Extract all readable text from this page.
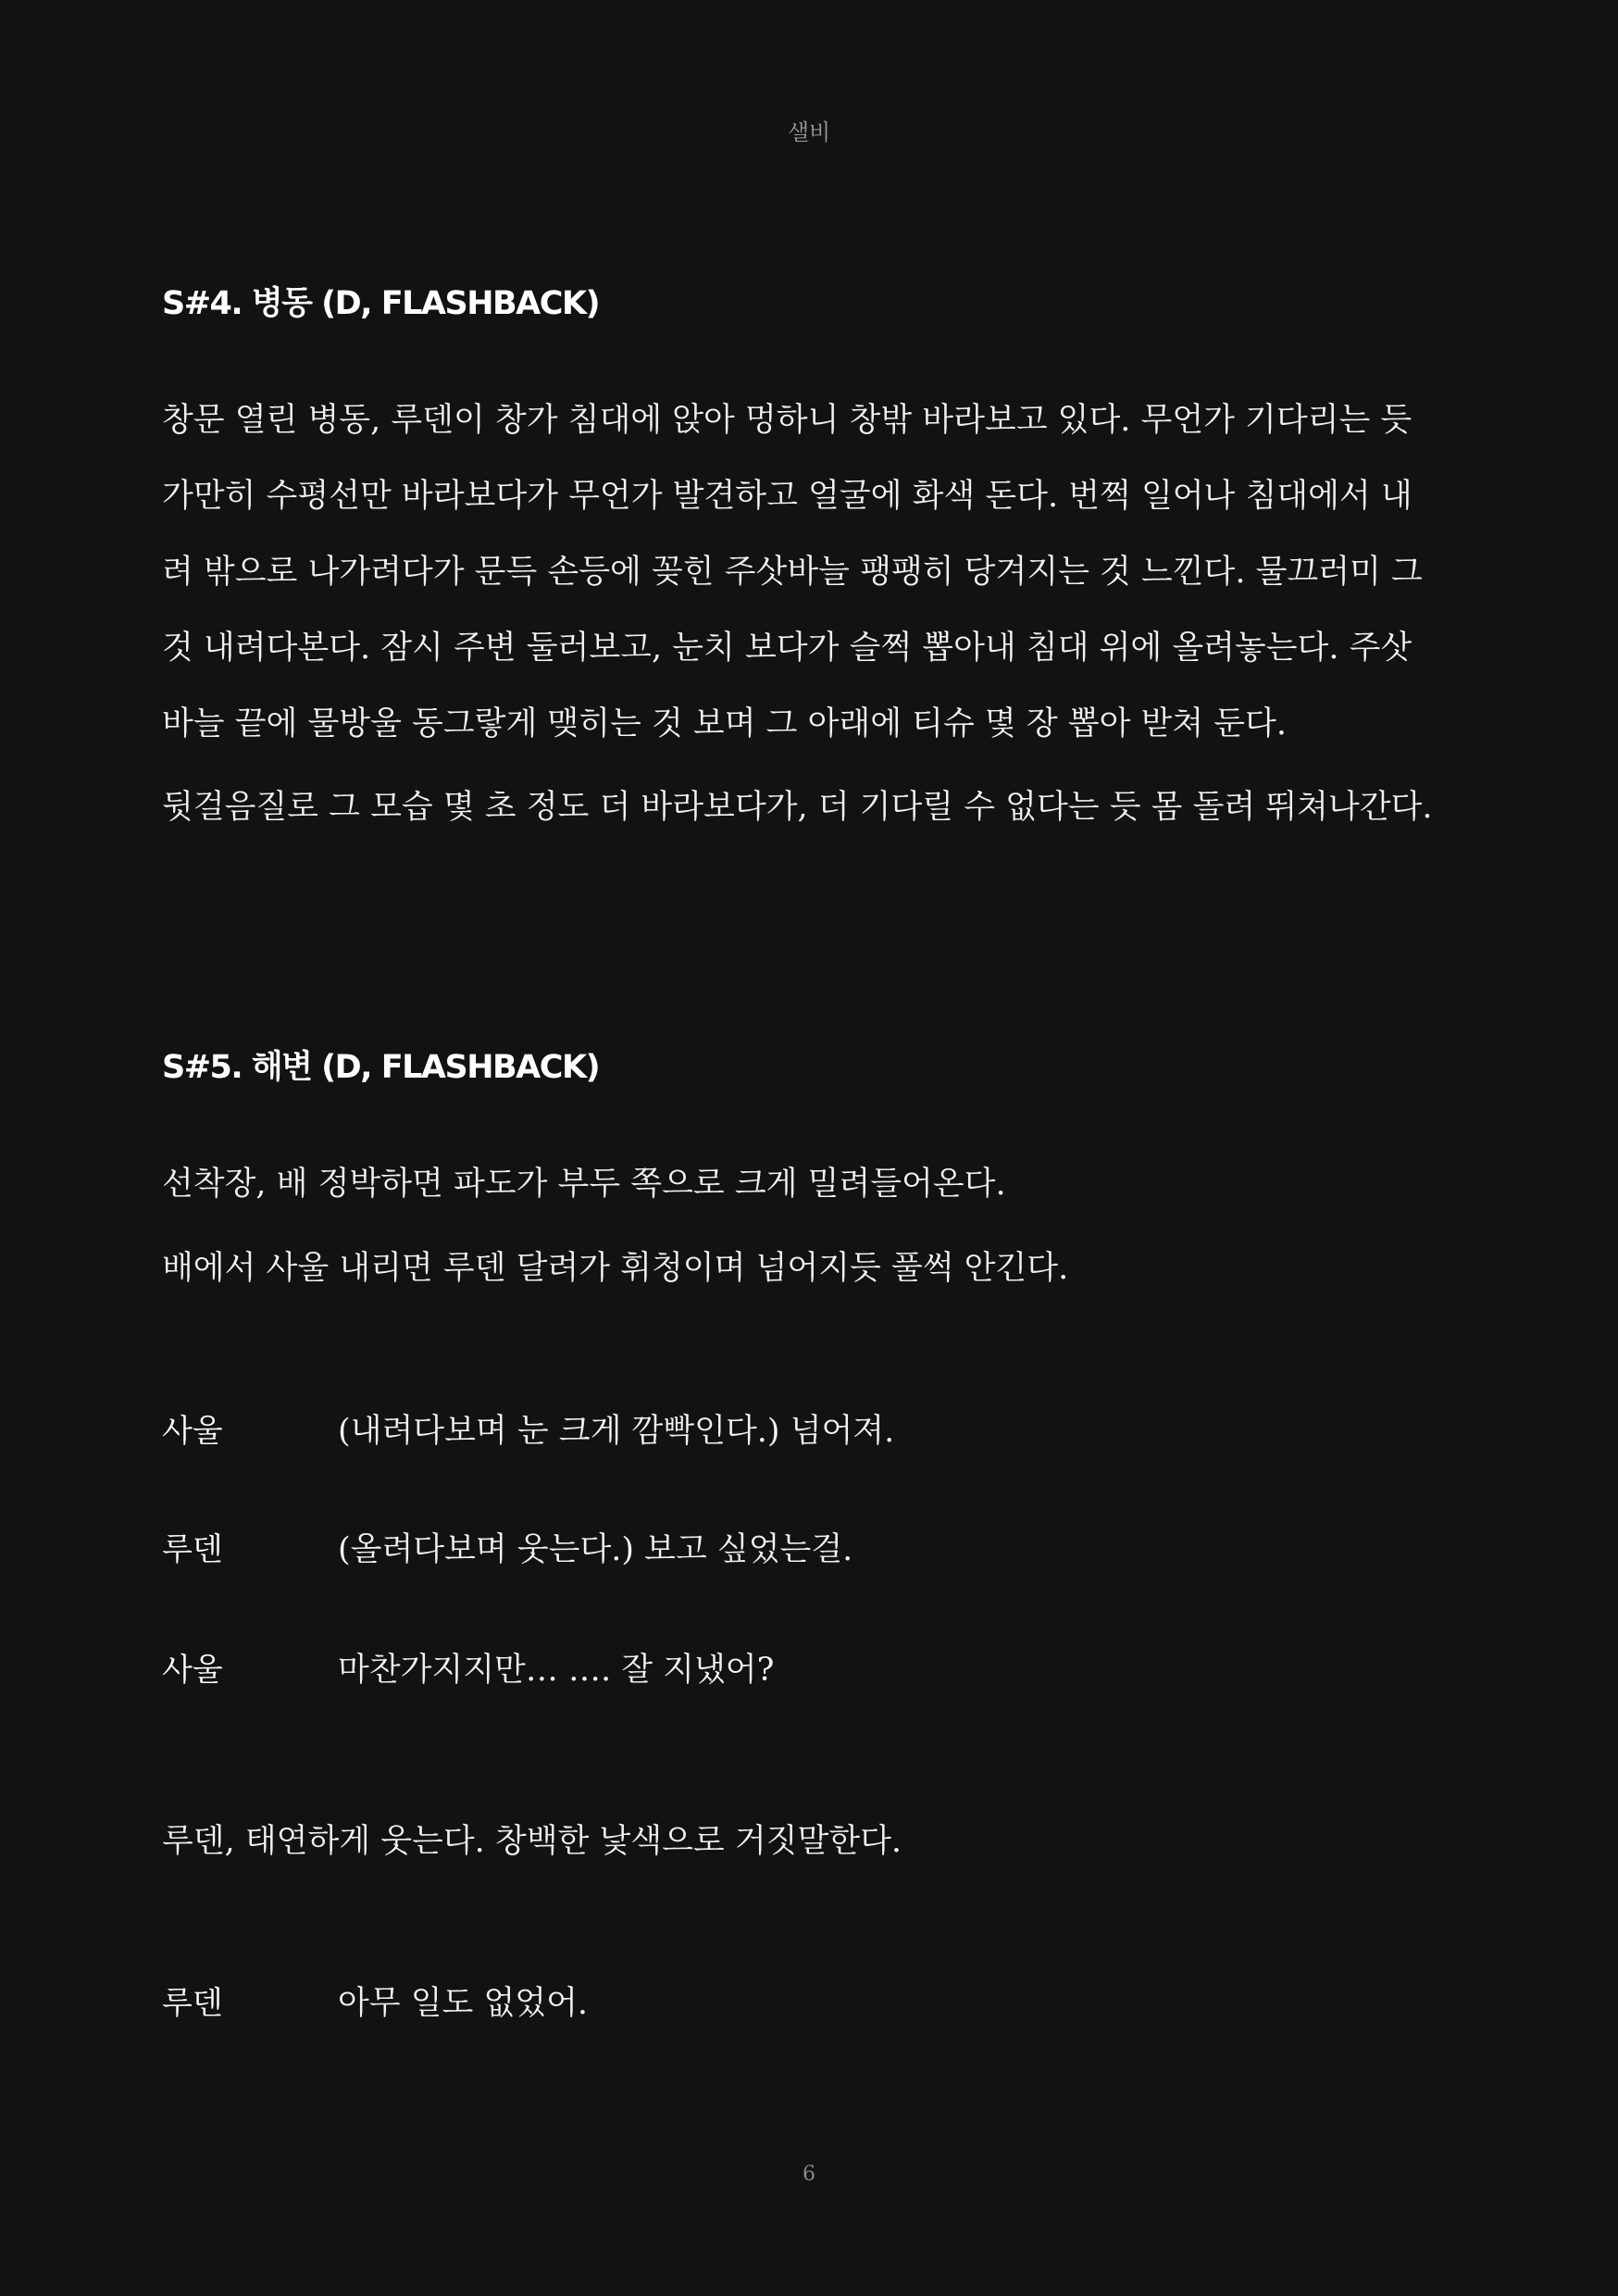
샐비
S#4. 병동 (D, FLASHBACK)
창문 열린 병동, 루덴이 창가 침대에 앉아 멍하니 창밖 바라보고 있다. 무언가 기다리는 듯
가만히 수평선만 바라보다가 무언가 발견하고 얼굴에 화색 돈다. 번쩍 일어나 침대에서 내
려 밖으로 나가려다가 문득 손등에 꽂힌 주삿바늘 팽팽히 당겨지는 것 느낀다. 물끄러미 그
것 내려다본다. 잠시 주변 둘러보고, 눈치 보다가 슬쩍 뽑아내 침대 위에 올려놓는다. 주삿
바늘 끝에 물방울 동그랗게 맺히는 것 보며 그 아래에 티슈 몇 장 뽑아 받쳐 둔다.
뒷걸음질로 그 모습 몇 초 정도 더 바라보다가, 더 기다릴 수 없다는 듯 몸 돌려 뛰쳐나간다.
S#5. 해변 (D, FLASHBACK)
선착장, 배 정박하면 파도가 부두 쪽으로 크게 밀려들어온다.
배에서 사울 내리면 루덴 달려가 휘청이며 넘어지듯 풀썩 안긴다.
사울	(내려다보며 눈 크게 깜빡인다.) 넘어져.
루덴	(올려다보며 웃는다.) 보고 싶었는걸.
사울	마찬가지지만… …. 잘 지냈어?
루덴, 태연하게 웃는다. 창백한 낯색으로 거짓말한다.
루덴	아무 일도 없었어.
6
